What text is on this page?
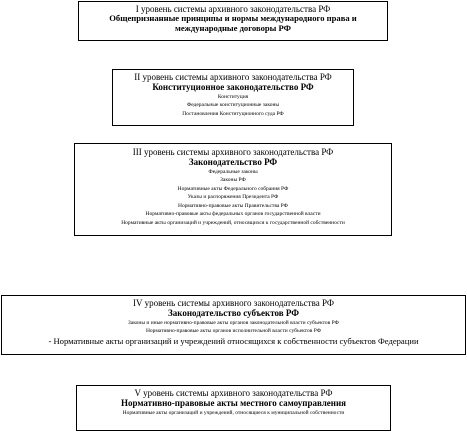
I уровень системы архивного законодательства РФ
Общепризнанные принципы и нормы международного права и международные договоры РФ
II уровень системы архивного законодательства РФ
Конституционное законодательство РФ
Конституция
Федеральные конституционные законы
Постановления Конституционного суда РФ
III уровень системы архивного законодательства РФ
Законодательство РФ
Федеральные законы
Законы РФ
Нормативные акты Федерального собрания РФ
Указы и распоряжения Президента РФ
Нормативно-правовые акты Правительства РФ
Нормативно-правовые акты федеральных органов государственной власти
Нормативные акты организаций и учреждений, относящихся к государственной собственности
IV уровень системы архивного законодательства РФ
Законодательство субъектов РФ
Законы и иные нормативно-правовые акты органов законодательной власти субъектов РФ
Нормативно-правовые акты органов исполнительной власти субъектов РФ
- Нормативные акты организаций и учреждений относящихся к собственности субъектов Федерации
V уровень системы архивного законодательства РФ
Нормативно-правовые акты местного самоуправления
Нормативные акты организаций и учреждений, относящиеся к муниципальной собственности
